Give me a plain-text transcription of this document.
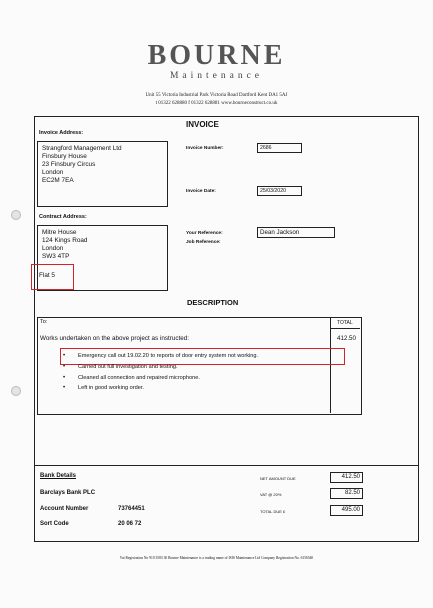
BOURNE
Maintenance
Unit 55 Victoria Industrial Park Victoria Road Dartford Kent DA1 5AJ
t 01322 628880 f 01322 628881 www.bourneconstruct.co.uk
INVOICE
Invoice Address:
Strangford Management Ltd
Finsbury House
23 Finsbury Circus
London
EC2M 7EA
Invoice Number:	2686
Invoice Date:	25/03/2020
Contract Address:
Mitre House
124 Kings Road
London
SW3 4TP
Flat 5
Your Reference:	Dean Jackson
Job Reference:
DESCRIPTION
To:	TOTAL
Works undertaken on the above project as instructed:	412.50
• Emergency call out 19.02.20 to reports of door entry system not working.
• Carried out full investigation and testing.
• Cleaned all connection and repaired microphone.
• Left in good working order.
Bank Details
Barclays Bank PLC
Account Number	73764451
Sort Code	20 06 72
NET AMOUNT DUE	412.50
VAT @ 20%	82.50
TOTAL DUE £	495.00
Vat Registration No 910 3583 30 Bourne Maintenance is a trading name of ISIS Maintenance Ltd Company Registration No. 6156540
